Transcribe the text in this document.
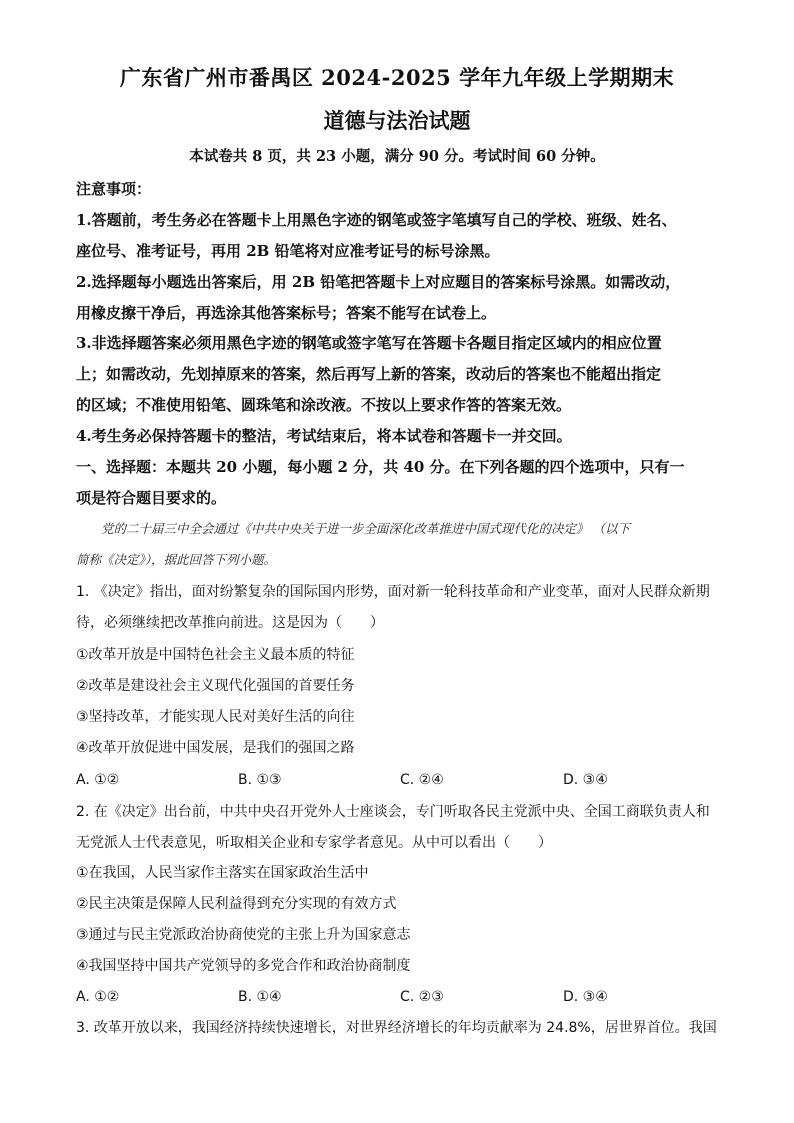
广东省广州市番禺区 2024-2025 学年九年级上学期期末
道德与法治试题
本试卷共 8 页，共 23 小题，满分 90 分。考试时间 60 分钟。
注意事项：
1.答题前，考生务必在答题卡上用黑色字迹的钢笔或签字笔填写自己的学校、班级、姓名、
座位号、准考证号，再用 2B 铅笔将对应准考证号的标号涂黑。
2.选择题每小题选出答案后，用 2B 铅笔把答题卡上对应题目的答案标号涂黑。如需改动，
用橡皮擦干净后，再选涂其他答案标号；答案不能写在试卷上。
3.非选择题答案必须用黑色字迹的钢笔或签字笔写在答题卡各题目指定区域内的相应位置
上；如需改动，先划掉原来的答案，然后再写上新的答案，改动后的答案也不能超出指定
的区域；不准使用铅笔、圆珠笔和涂改液。不按以上要求作答的答案无效。
4.考生务必保持答题卡的整洁，考试结束后，将本试卷和答题卡一并交回。
一、选择题：本题共 20 小题，每小题 2 分，共 40 分。在下列各题的四个选项中，只有一
项是符合题目要求的。
　　党的二十届三中全会通过《中共中央关于进一步全面深化改革推进中国式现代化的决定》 （以下
简称《决定》），据此回答下列小题。
1. 《决定》指出，面对纷繁复杂的国际国内形势，面对新一轮科技革命和产业变革，面对人民群众新期
待，必须继续把改革推向前进。这是因为（　　）
①改革开放是中国特色社会主义最本质的特征
②改革是建设社会主义现代化强国的首要任务
③坚持改革，才能实现人民对美好生活的向往
④改革开放促进中国发展，是我们的强国之路
A. ①②	B. ①③	C. ②④	D. ③④
2. 在《决定》出台前，中共中央召开党外人士座谈会，专门听取各民主党派中央、全国工商联负责人和
无党派人士代表意见，听取相关企业和专家学者意见。从中可以看出（　　）
①在我国，人民当家作主落实在国家政治生活中
②民主决策是保障人民利益得到充分实现的有效方式
③通过与民主党派政治协商使党的主张上升为国家意志
④我国坚持中国共产党领导的多党合作和政治协商制度
A. ①②	B. ①④	C. ②③	D. ③④
3. 改革开放以来，我国经济持续快速增长，对世界经济增长的年均贡献率为 24.8%，居世界首位。我国
